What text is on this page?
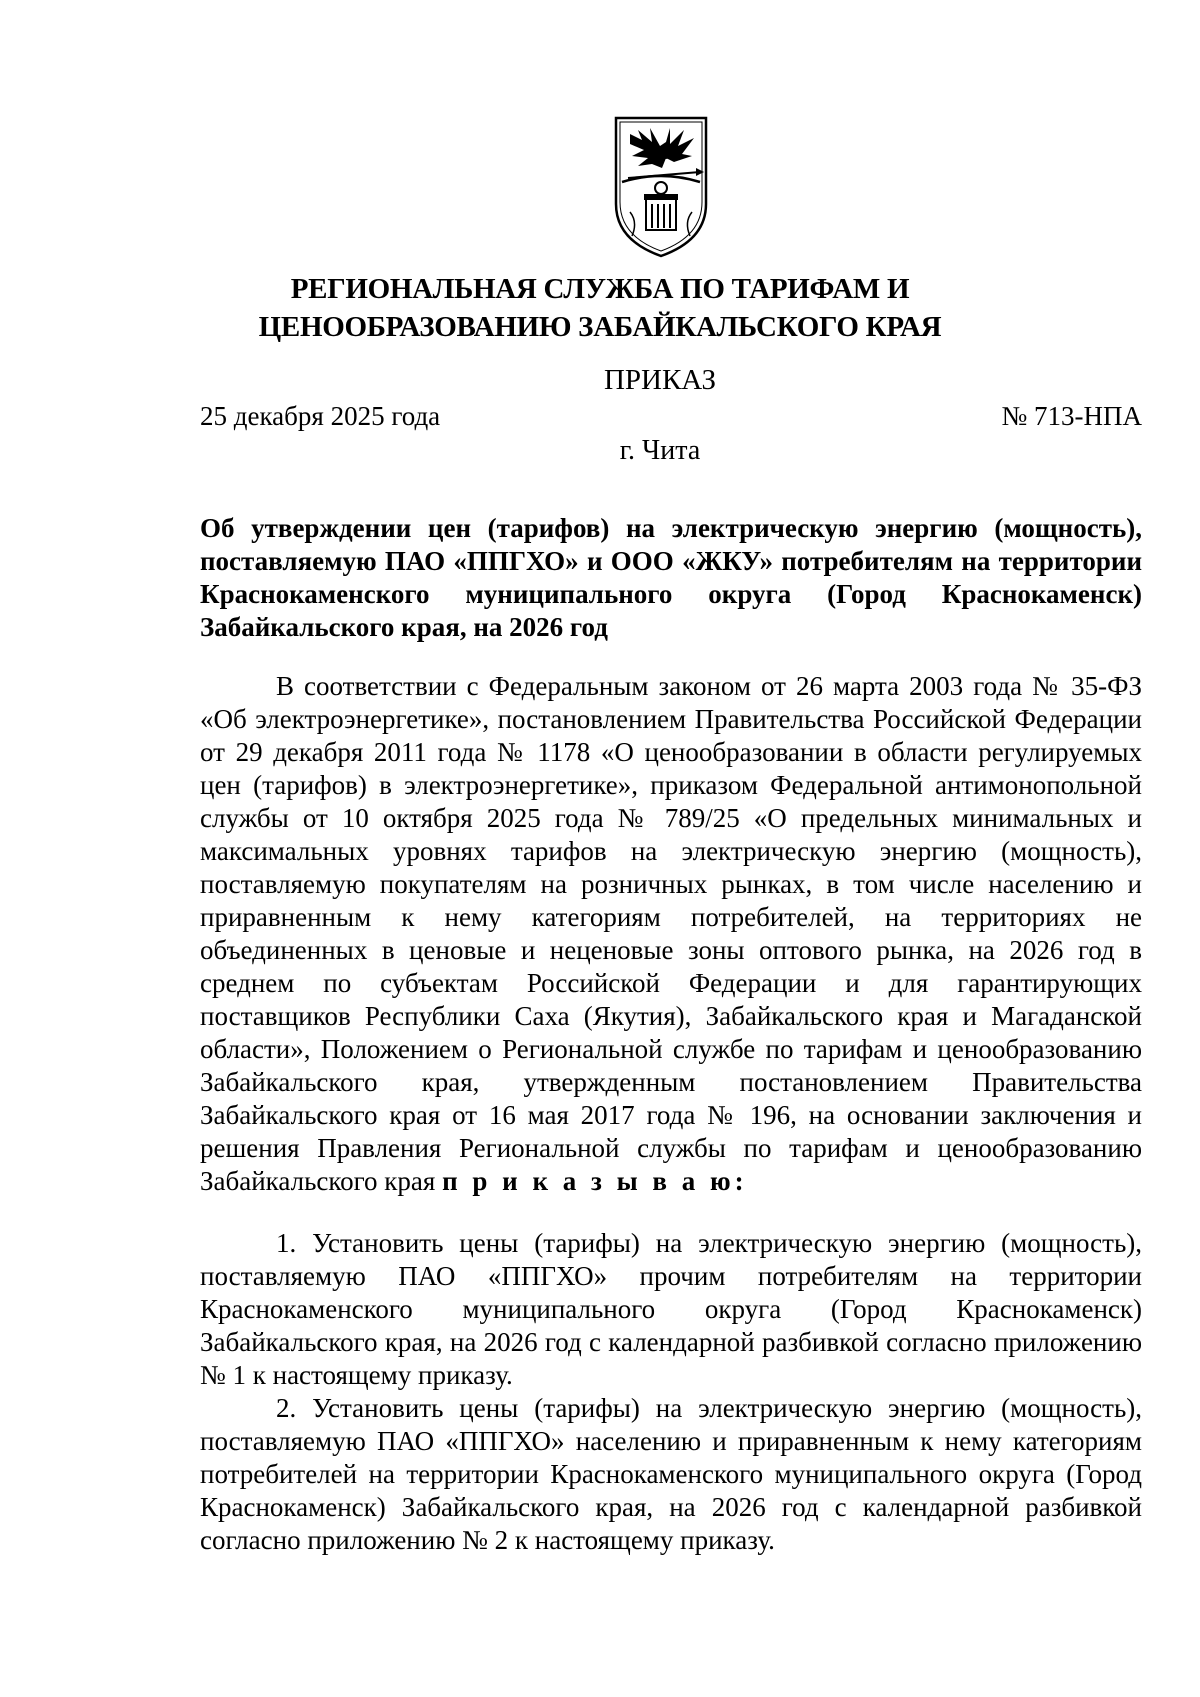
РЕГИОНАЛЬНАЯ СЛУЖБА ПО ТАРИФАМ И
ЦЕНООБРАЗОВАНИЮ ЗАБАЙКАЛЬСКОГО КРАЯ
ПРИКАЗ
25 декабря 2025 года	№ 713-НПА
г. Чита
Об утверждении цен (тарифов) на электрическую энергию (мощность), поставляемую ПАО «ППГХО» и ООО «ЖКУ» потребителям на территории Краснокаменского муниципального округа (Город Краснокаменск) Забайкальского края, на 2026 год

В соответствии с Федеральным законом от 26 марта 2003 года № 35-ФЗ «Об электроэнергетике», постановлением Правительства Российской Федерации от 29 декабря 2011 года № 1178 «О ценообразовании в области регулируемых цен (тарифов) в электроэнергетике», приказом Федеральной антимонопольной службы от 10 октября 2025 года № 789/25 «О предельных минимальных и максимальных уровнях тарифов на электрическую энергию (мощность), поставляемую покупателям на розничных рынках, в том числе населению и приравненным к нему категориям потребителей, на территориях не объединенных в ценовые и неценовые зоны оптового рынка, на 2026 год в среднем по субъектам Российской Федерации и для гарантирующих поставщиков Республики Саха (Якутия), Забайкальского края и Магаданской области», Положением о Региональной службе по тарифам и ценообразованию Забайкальского края, утвержденным постановлением Правительства Забайкальского края от 16 мая 2017 года № 196, на основании заключения и решения Правления Региональной службы по тарифам и ценообразованию Забайкальского края п р и к а з ы в а ю:

1. Установить цены (тарифы) на электрическую энергию (мощность), поставляемую ПАО «ППГХО» прочим потребителям на территории Краснокаменского муниципального округа (Город Краснокаменск) Забайкальского края, на 2026 год с календарной разбивкой согласно приложению № 1 к настоящему приказу.

2. Установить цены (тарифы) на электрическую энергию (мощность), поставляемую ПАО «ППГХО» населению и приравненным к нему категориям потребителей на территории Краснокаменского муниципального округа (Город Краснокаменск) Забайкальского края, на 2026 год с календарной разбивкой согласно приложению № 2 к настоящему приказу.
